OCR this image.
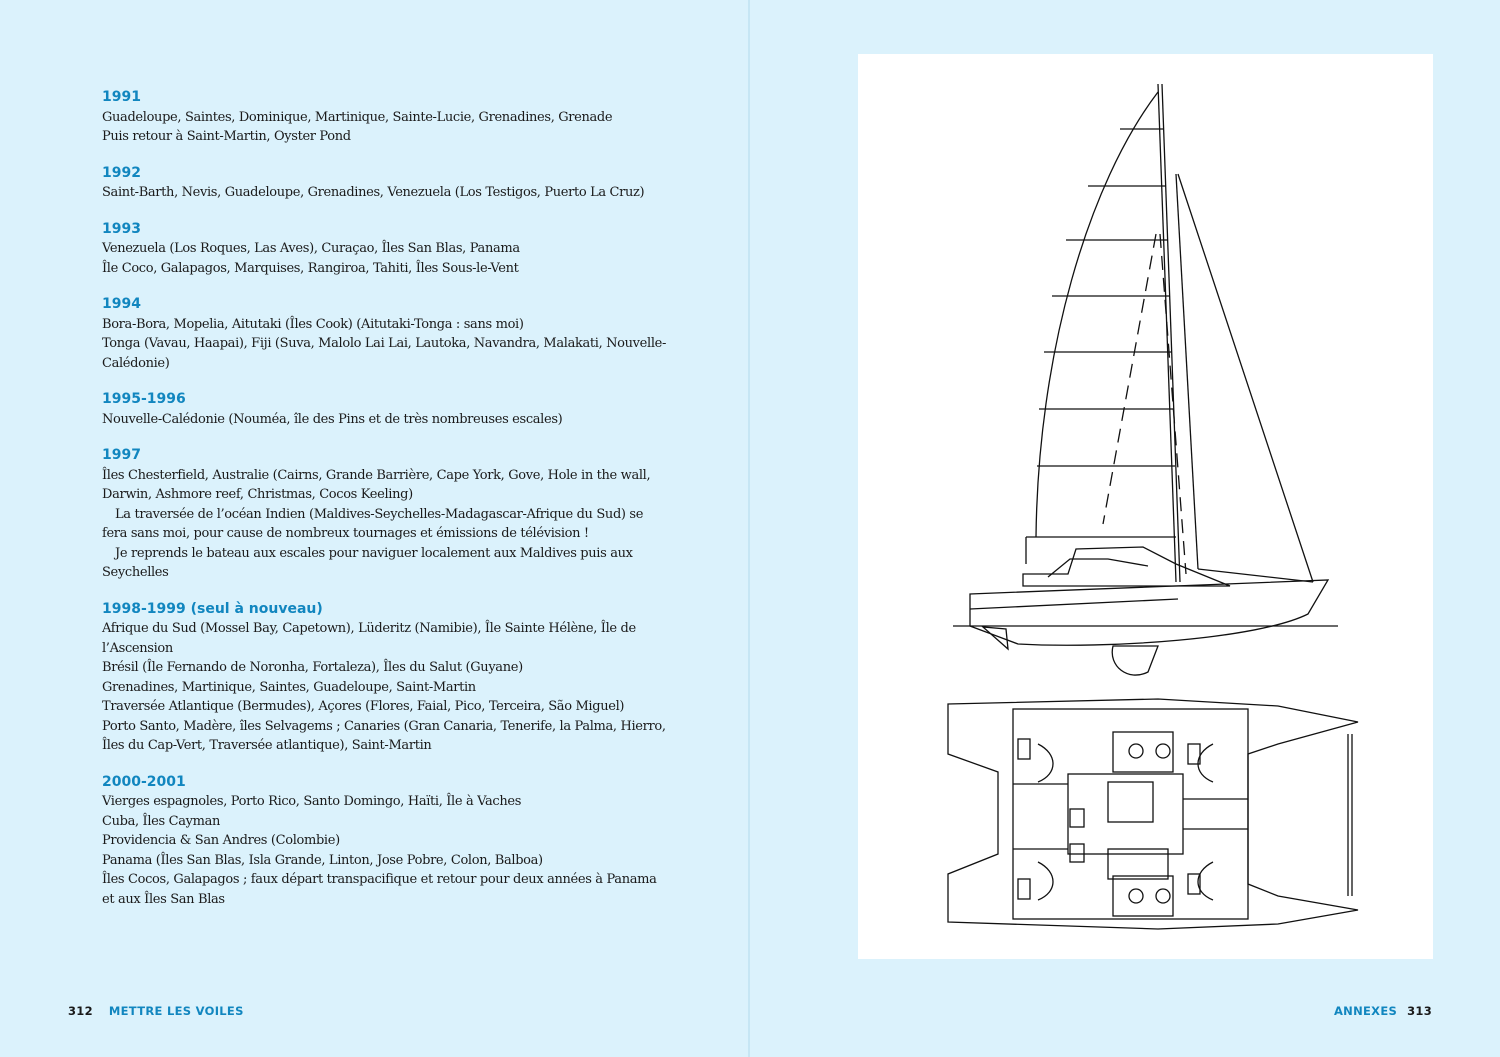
1991
Guadeloupe, Saintes, Dominique, Martinique, Sainte-Lucie, Grenadines, Grenade
Puis retour à Saint-Martin, Oyster Pond
1992
Saint-Barth, Nevis, Guadeloupe, Grenadines, Venezuela (Los Testigos, Puerto La Cruz)
1993
Venezuela (Los Roques, Las Aves), Curaçao, Îles San Blas, Panama
Île Coco, Galapagos, Marquises, Rangiroa, Tahiti, Îles Sous-le-Vent
1994
Bora-Bora, Mopelia, Aitutaki (Îles Cook) (Aitutaki-Tonga : sans moi)
Tonga (Vavau, Haapai), Fiji (Suva, Malolo Lai Lai, Lautoka, Navandra, Malakati, Nouvelle-
Calédonie)
1995-1996
Nouvelle-Calédonie (Nouméa, île des Pins et de très nombreuses escales)
1997
Îles Chesterfield, Australie (Cairns, Grande Barrière, Cape York, Gove, Hole in the wall,
Darwin, Ashmore reef, Christmas, Cocos Keeling)
La traversée de l’océan Indien (Maldives-Seychelles-Madagascar-Afrique du Sud) se
fera sans moi, pour cause de nombreux tournages et émissions de télévision !
Je reprends le bateau aux escales pour naviguer localement aux Maldives puis aux
Seychelles
1998-1999 (seul à nouveau)
Afrique du Sud (Mossel Bay, Capetown), Lüderitz (Namibie), Île Sainte Hélène, Île de
l’Ascension
Brésil (Île Fernando de Noronha, Fortaleza), Îles du Salut (Guyane)
Grenadines, Martinique, Saintes, Guadeloupe, Saint-Martin
Traversée Atlantique (Bermudes), Açores (Flores, Faial, Pico, Terceira, São Miguel)
Porto Santo, Madère, îles Selvagems ; Canaries (Gran Canaria, Tenerife, la Palma, Hierro,
Îles du Cap-Vert, Traversée atlantique), Saint-Martin
2000-2001
Vierges espagnoles, Porto Rico, Santo Domingo, Haïti, Île à Vaches
Cuba, Îles Cayman
Providencia & San Andres (Colombie)
Panama (Îles San Blas, Isla Grande, Linton, Jose Pobre, Colon, Balboa)
Îles Cocos, Galapagos ; faux départ transpacifique et retour pour deux années à Panama
et aux Îles San Blas
312 METTRE LES VOILES	ANNEXES 313
